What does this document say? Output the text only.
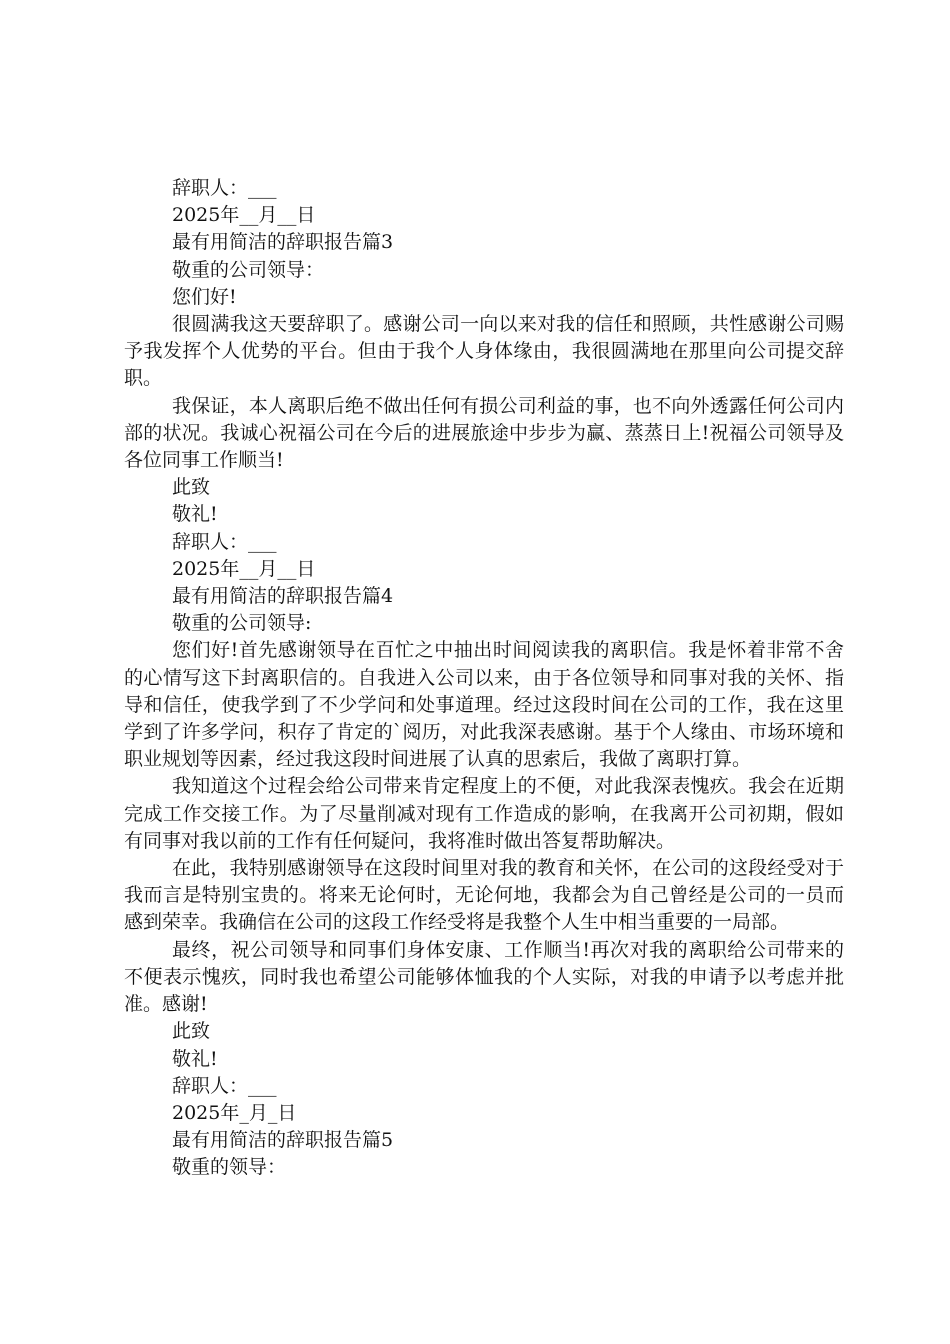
辞职人：___

2025年__月__日

最有用简洁的辞职报告篇3

敬重的公司领导：

您们好!

很圆满我这天要辞职了。感谢公司一向以来对我的信任和照顾，共性感谢公司赐予我发挥个人优势的平台。但由于我个人身体缘由，我很圆满地在那里向公司提交辞职。

我保证，本人离职后绝不做出任何有损公司利益的事，也不向外透露任何公司内部的状况。我诚心祝福公司在今后的进展旅途中步步为赢、蒸蒸日上!祝福公司领导及各位同事工作顺当!

此致

敬礼!

辞职人：___

2025年__月__日

最有用简洁的辞职报告篇4

敬重的公司领导:

您们好!首先感谢领导在百忙之中抽出时间阅读我的离职信。我是怀着非常不舍的心情写这下封离职信的。自我进入公司以来，由于各位领导和同事对我的关怀、指导和信任，使我学到了不少学问和处事道理。经过这段时间在公司的工作，我在这里学到了许多学问，积存了肯定的`阅历，对此我深表感谢。基于个人缘由、市场环境和职业规划等因素，经过我这段时间进展了认真的思索后，我做了离职打算。

我知道这个过程会给公司带来肯定程度上的不便，对此我深表愧疚。我会在近期完成工作交接工作。为了尽量削减对现有工作造成的影响，在我离开公司初期，假如有同事对我以前的工作有任何疑问，我将准时做出答复帮助解决。

在此，我特别感谢领导在这段时间里对我的教育和关怀，在公司的这段经受对于我而言是特别宝贵的。将来无论何时，无论何地，我都会为自己曾经是公司的一员而感到荣幸。我确信在公司的这段工作经受将是我整个人生中相当重要的一局部。

最终，祝公司领导和同事们身体安康、工作顺当!再次对我的离职给公司带来的不便表示愧疚，同时我也希望公司能够体恤我的个人实际，对我的申请予以考虑并批准。感谢!

此致

敬礼!

辞职人：___

2025年_月_日

最有用简洁的辞职报告篇5

敬重的领导：
